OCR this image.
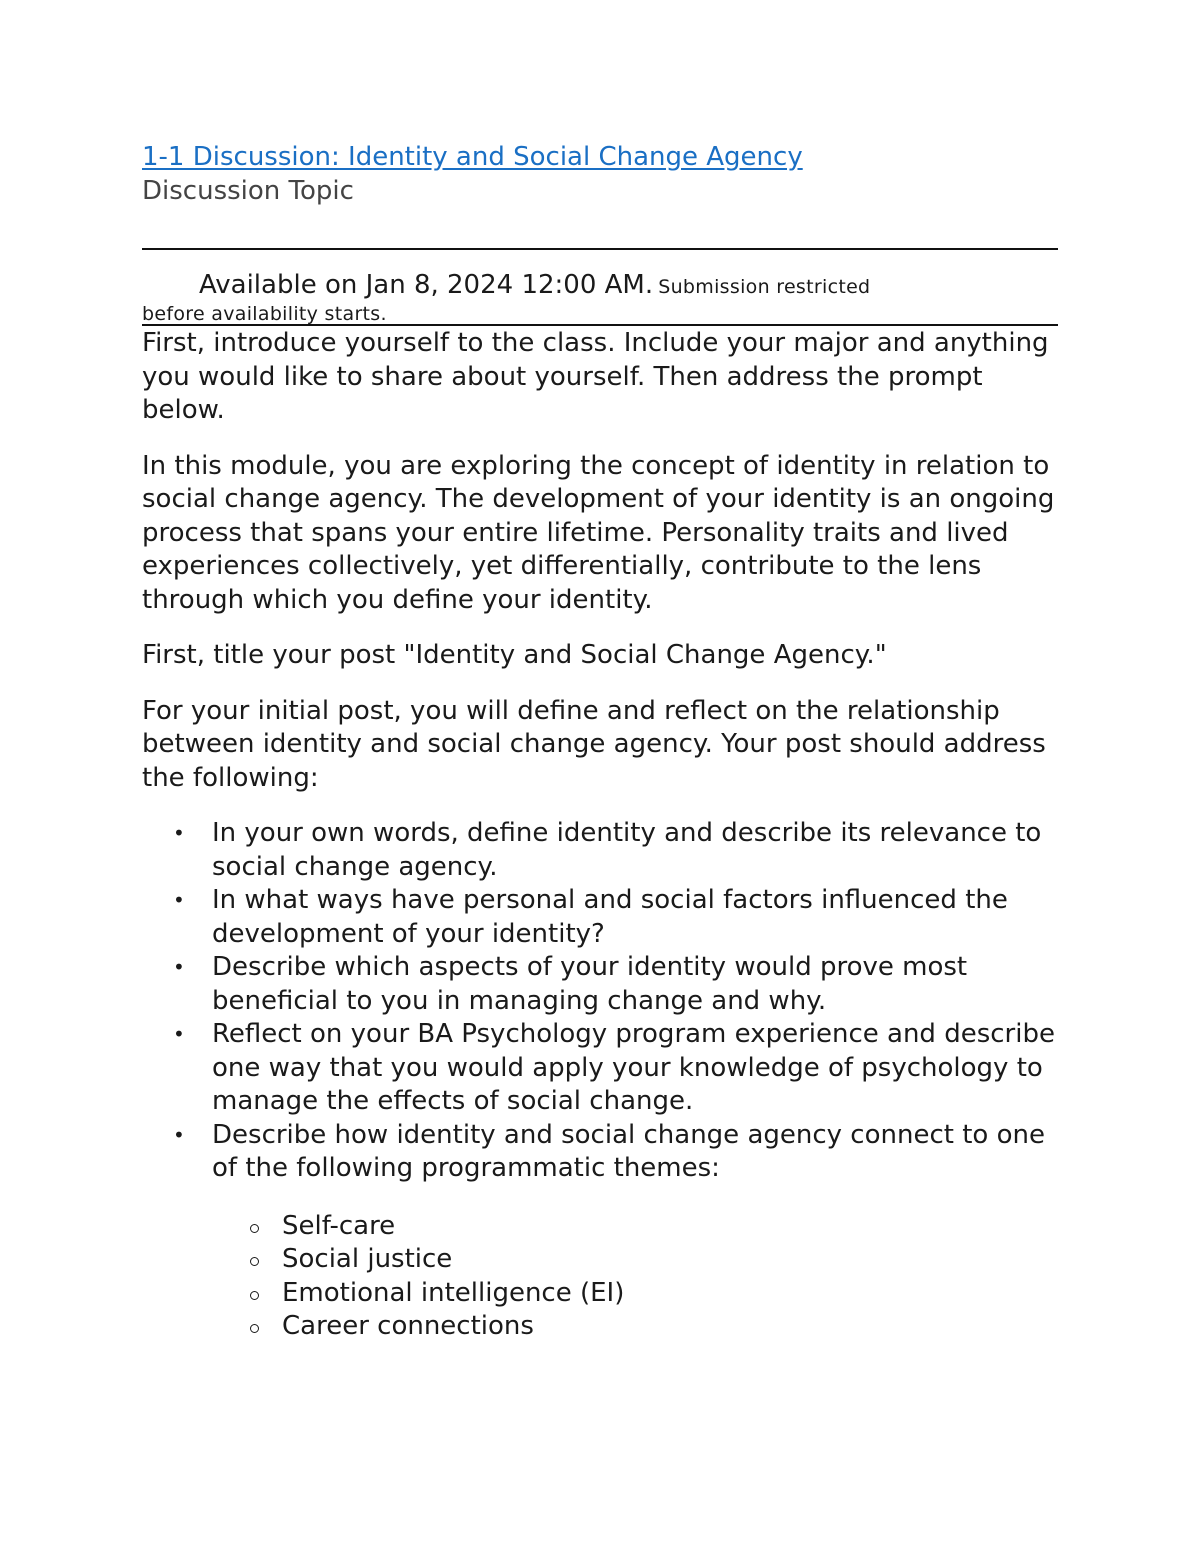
1-1 Discussion: Identity and Social Change Agency
Discussion Topic
Available on Jan 8, 2024 12:00 AM. Submission restricted
before availability starts.

First, introduce yourself to the class. Include your major and anything you would like to share about yourself. Then address the prompt below.

In this module, you are exploring the concept of identity in relation to social change agency. The development of your identity is an ongoing process that spans your entire lifetime. Personality traits and lived experiences collectively, yet differentially, contribute to the lens through which you define your identity.

First, title your post "Identity and Social Change Agency."

For your initial post, you will define and reflect on the relationship between identity and social change agency. Your post should address the following:

• In your own words, define identity and describe its relevance to social change agency.
• In what ways have personal and social factors influenced the development of your identity?
• Describe which aspects of your identity would prove most beneficial to you in managing change and why.
• Reflect on your BA Psychology program experience and describe one way that you would apply your knowledge of psychology to manage the effects of social change.
• Describe how identity and social change agency connect to one of the following programmatic themes:
Self-care
Social justice
Emotional intelligence (EI)
Career connections
